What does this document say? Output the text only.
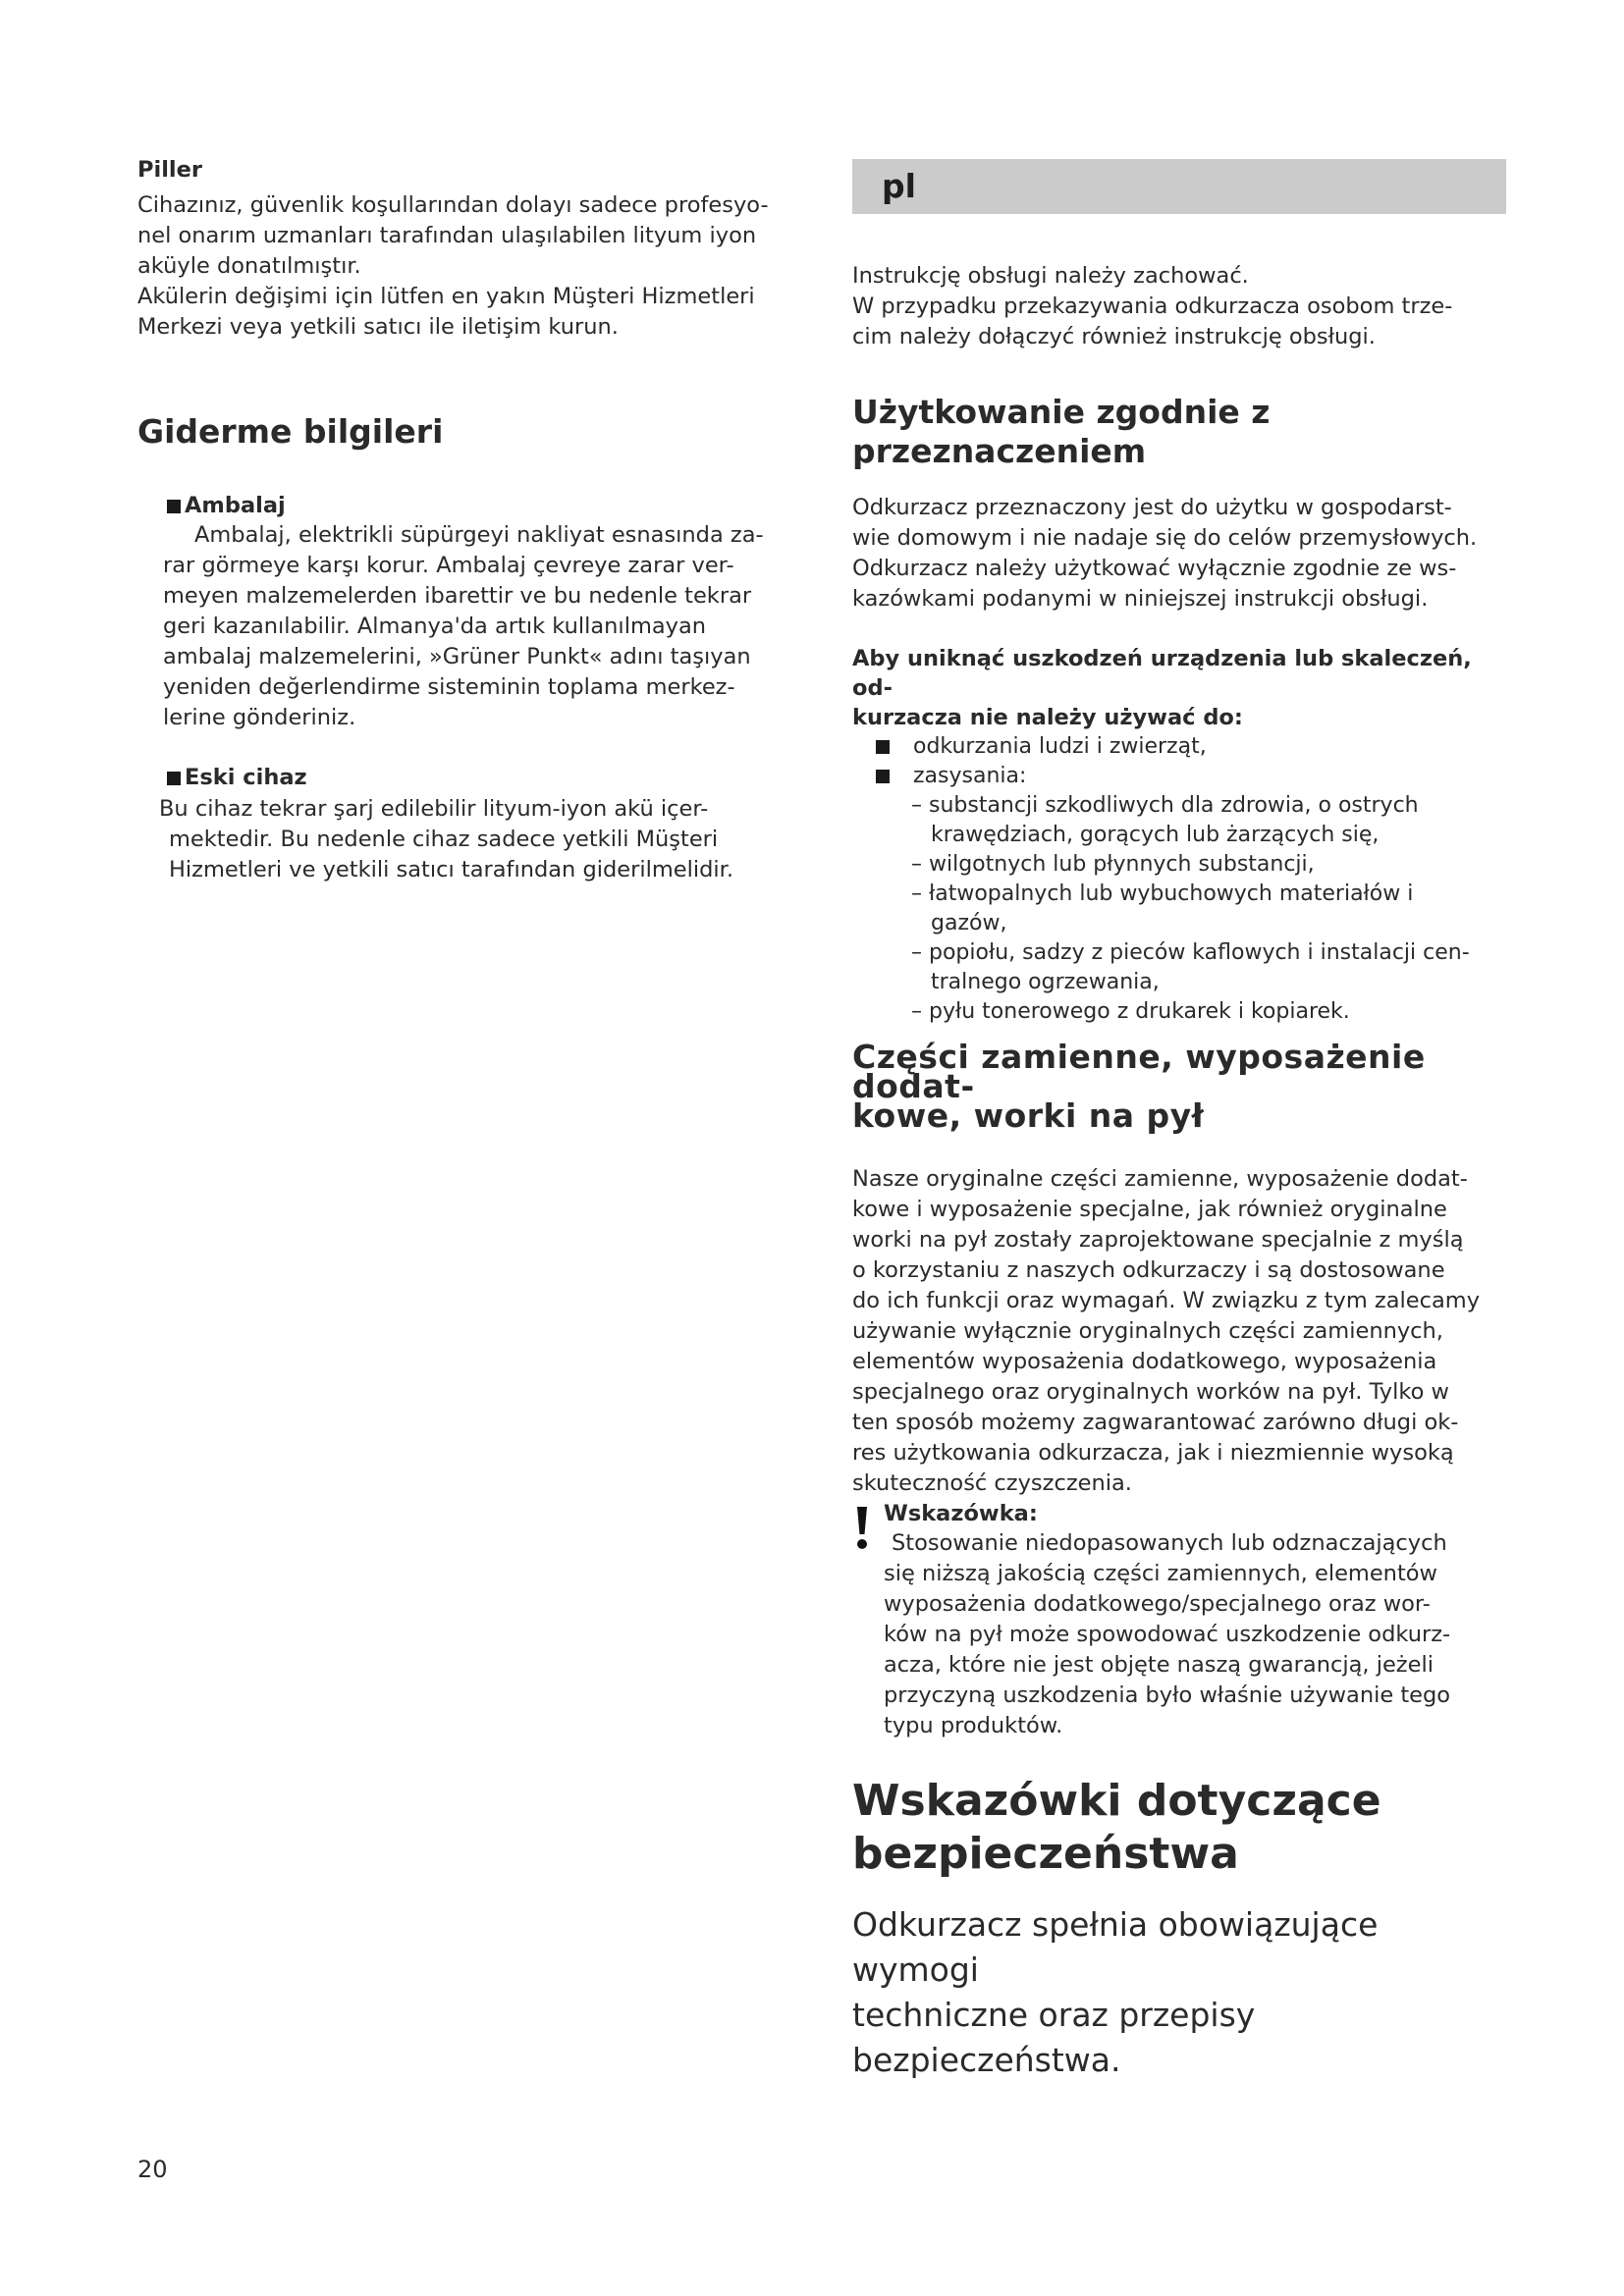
Piller

Cihazınız, güvenlik koşullarından dolayı sadece profesyo-

nel onarım uzmanları tarafından ulaşılabilen lityum iyon

aküyle donatılmıştır.

Akülerin değişimi için lütfen en yakın Müşteri Hizmetleri

Merkezi veya yetkili satıcı ile iletişim kurun.

Giderme bilgileri
Ambalaj

Ambalaj, elektrikli süpürgeyi nakliyat esnasında za-

rar görmeye karşı korur. Ambalaj çevreye zarar ver-

meyen malzemelerden ibarettir ve bu nedenle tekrar

geri kazanılabilir. Almanya'da artık kullanılmayan

ambalaj malzemelerini, »Grüner Punkt« adını taşıyan

yeniden değerlendirme sisteminin toplama merkez-

lerine gönderiniz.

Eski cihaz

Bu cihaz tekrar şarj edilebilir lityum-iyon akü içer-

mektedir. Bu nedenle cihaz sadece yetkili Müşteri

Hizmetleri ve yetkili satıcı tarafından giderilmelidir.

pl

Instrukcję obsługi należy zachować.

W przypadku przekazywania odkurzacza osobom trze-

cim należy dołączyć również instrukcję obsługi.

Użytkowanie zgodnie z przeznaczeniem

Odkurzacz przeznaczony jest do użytku w gospodarst-

wie domowym i nie nadaje się do celów przemysłowych.

Odkurzacz należy użytkować wyłącznie zgodnie ze ws-

kazówkami podanymi w niniejszej instrukcji obsługi.

Aby uniknąć uszkodzeń urządzenia lub skaleczeń, od-

kurzacza nie należy używać do:

odkurzania ludzi i zwierząt,

zasysania:

– substancji szkodliwych dla zdrowia, o ostrych

krawędziach, gorących lub żarzących się,

– wilgotnych lub płynnych substancji,

– łatwopalnych lub wybuchowych materiałów i

gazów,

– popiołu, sadzy z pieców kaflowych i instalacji cen-

tralnego ogrzewania,

– pyłu tonerowego z drukarek i kopiarek.

Części zamienne, wyposażenie dodat-
kowe, worki na pył

Nasze oryginalne części zamienne, wyposażenie dodat-

kowe i wyposażenie specjalne, jak również oryginalne

worki na pył zostały zaprojektowane specjalnie z myślą

o korzystaniu z naszych odkurzaczy i są dostosowane

do ich funkcji oraz wymagań. W związku z tym zalecamy

używanie wyłącznie oryginalnych części zamiennych,

elementów wyposażenia dodatkowego, wyposażenia

specjalnego oraz oryginalnych worków na pył. Tylko w

ten sposób możemy zagwarantować zarówno długi ok-

res użytkowania odkurzacza, jak i niezmiennie wysoką

skuteczność czyszczenia.

Wskazówka:

Stosowanie niedopasowanych lub odznaczających

się niższą jakością części zamiennych, elementów

wyposażenia dodatkowego/specjalnego oraz wor-

ków na pył może spowodować uszkodzenie odkurz-

acza, które nie jest objęte naszą gwarancją, jeżeli

przyczyną uszkodzenia było właśnie używanie tego

typu produktów.

Wskazówki dotyczące
bezpieczeństwa

Odkurzacz spełnia obowiązujące wymogi

techniczne oraz przepisy bezpieczeństwa.

20
